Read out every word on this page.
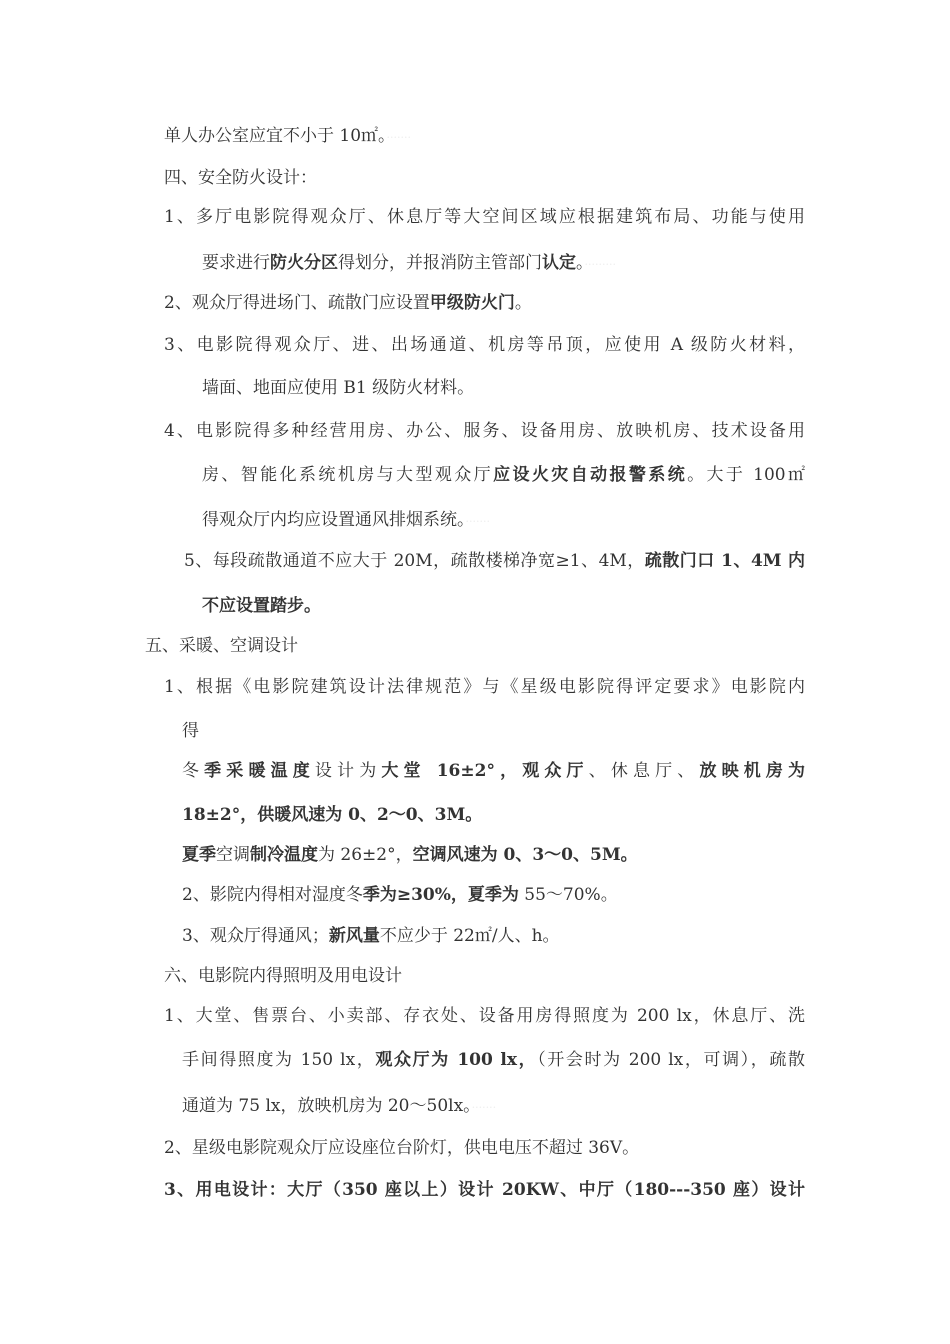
单人办公室应宜不小于 10㎡。·······
四、安全防火设计：
1、多厅电影院得观众厅、休息厅等大空间区域应根据建筑布局、功能与使用
要求进行防火分区得划分，并报消防主管部门认定。·········
2、观众厅得进场门、疏散门应设置甲级防火门。
3、电影院得观众厅、进、出场通道、机房等吊顶，应使用 A 级防火材料，
墙面、地面应使用 B1 级防火材料。
4、电影院得多种经营用房、办公、服务、设备用房、放映机房、技术设备用
房、智能化系统机房与大型观众厅应设火灾自动报警系统。大于 100㎡
得观众厅内均应设置通风排烟系统。·······
5、每段疏散通道不应大于 20M，疏散楼梯净宽≥1、4M，疏散门口 1、4M 内
不应设置踏步。
五、采暖、空调设计
1、根据《电影院建筑设计法律规范》与《星级电影院得评定要求》电影院内
得
冬季采暖温度设计为大堂 16±2°，观众厅、休息厅、放映机房为
18±2°，供暖风速为 0、2～0、3M。
夏季空调制冷温度为 26±2°，空调风速为 0、3～0、5M。
2、影院内得相对湿度冬季为≥30%，夏季为 55～70%。
3、观众厅得通风；新风量不应少于 22㎡/人、h。
六、电影院内得照明及用电设计
1、大堂、售票台、小卖部、存衣处、设备用房得照度为 200 lx，休息厅、洗
手间得照度为 150 lx，观众厅为 100 lx，（开会时为 200 lx，可调），疏散
通道为 75 lx，放映机房为 20～50lx。·······
2、星级电影院观众厅应设座位台阶灯，供电电压不超过 36V。
3、用电设计：大厅（350 座以上）设计 20KW、中厅（180---350 座）设计
